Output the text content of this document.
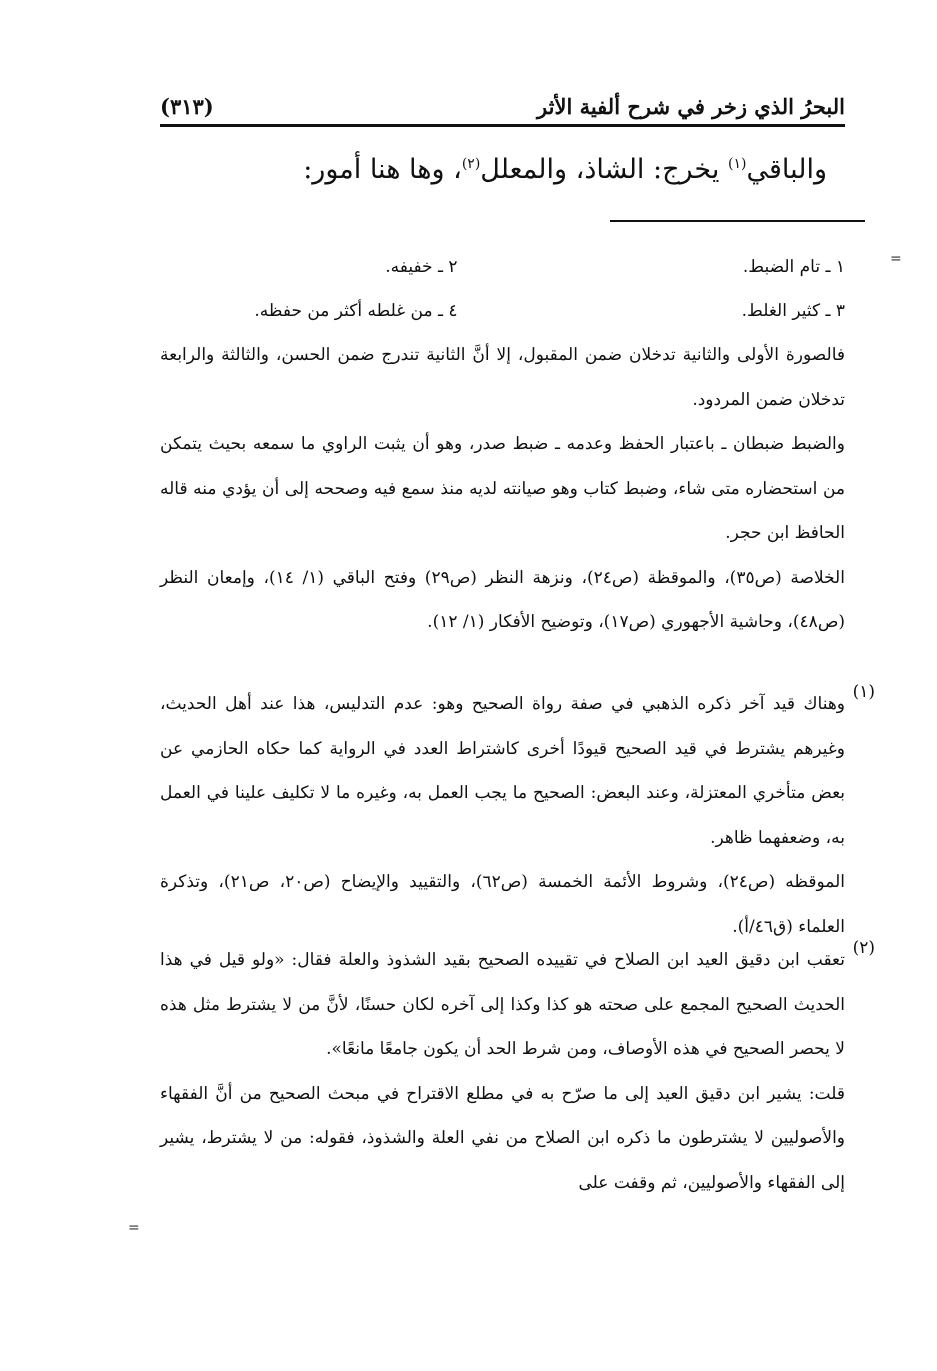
البحرُ الذي زخر في شرح ألفية الأثر
(٣١٣)
والباقي$^{(١)}$ يخرج: الشاذ، والمعلل$^{(٢)}$، وها هنا أمور:
=
١ ـ تام الضبط.
٢ ـ خفيفه.
٣ ـ كثير الغلط.
٤ ـ من غلطه أكثر من حفظه.

فالصورة الأولى والثانية تدخلان ضمن المقبول، إلا أنَّ الثانية تندرج ضمن الحسن، والثالثة والرابعة تدخلان ضمن المردود.

والضبط ضبطان ـ باعتبار الحفظ وعدمه ـ ضبط صدر، وهو أن يثبت الراوي ما سمعه بحيث يتمكن من استحضاره متى شاء، وضبط كتاب وهو صيانته لديه منذ سمع فيه وصححه إلى أن يؤدي منه قاله الحافظ ابن حجر.

الخلاصة (ص٣٥)، والموقظة (ص٢٤)، ونزهة النظر (ص٢٩) وفتح الباقي (١/ ١٤)، وإمعان النظر (ص٤٨)، وحاشية الأجهوري (ص١٧)، وتوضيح الأفكار (١/ ١٢).

(١)

وهناك قيد آخر ذكره الذهبي في صفة رواة الصحيح وهو: عدم التدليس، هذا عند أهل الحديث، وغيرهم يشترط في قيد الصحيح قيودًا أخرى كاشتراط العدد في الرواية كما حكاه الحازمي عن بعض متأخري المعتزلة، وعند البعض: الصحيح ما يجب العمل به، وغيره ما لا تكليف علينا في العمل به، وضعفهما ظاهر.

الموقظه (ص٢٤)، وشروط الأئمة الخمسة (ص٦٢)، والتقييد والإيضاح (ص٢٠، ص٢١)، وتذكرة العلماء (ق٤٦/أ).

(٢)

تعقب ابن دقيق العيد ابن الصلاح في تقييده الصحيح بقيد الشذوذ والعلة فقال: «ولو قيل في هذا الحديث الصحيح المجمع على صحته هو كذا وكذا إلى آخره لكان حسنًا، لأنَّ من لا يشترط مثل هذه لا يحصر الصحيح في هذه الأوصاف، ومن شرط الحد أن يكون جامعًا مانعًا».

قلت: يشير ابن دقيق العيد إلى ما صرّح به في مطلع الاقتراح في مبحث الصحيح من أنَّ الفقهاء والأصوليين لا يشترطون ما ذكره ابن الصلاح من نفي العلة والشذوذ، فقوله: من لا يشترط، يشير إلى الفقهاء والأصوليين، ثم وقفت على

=
